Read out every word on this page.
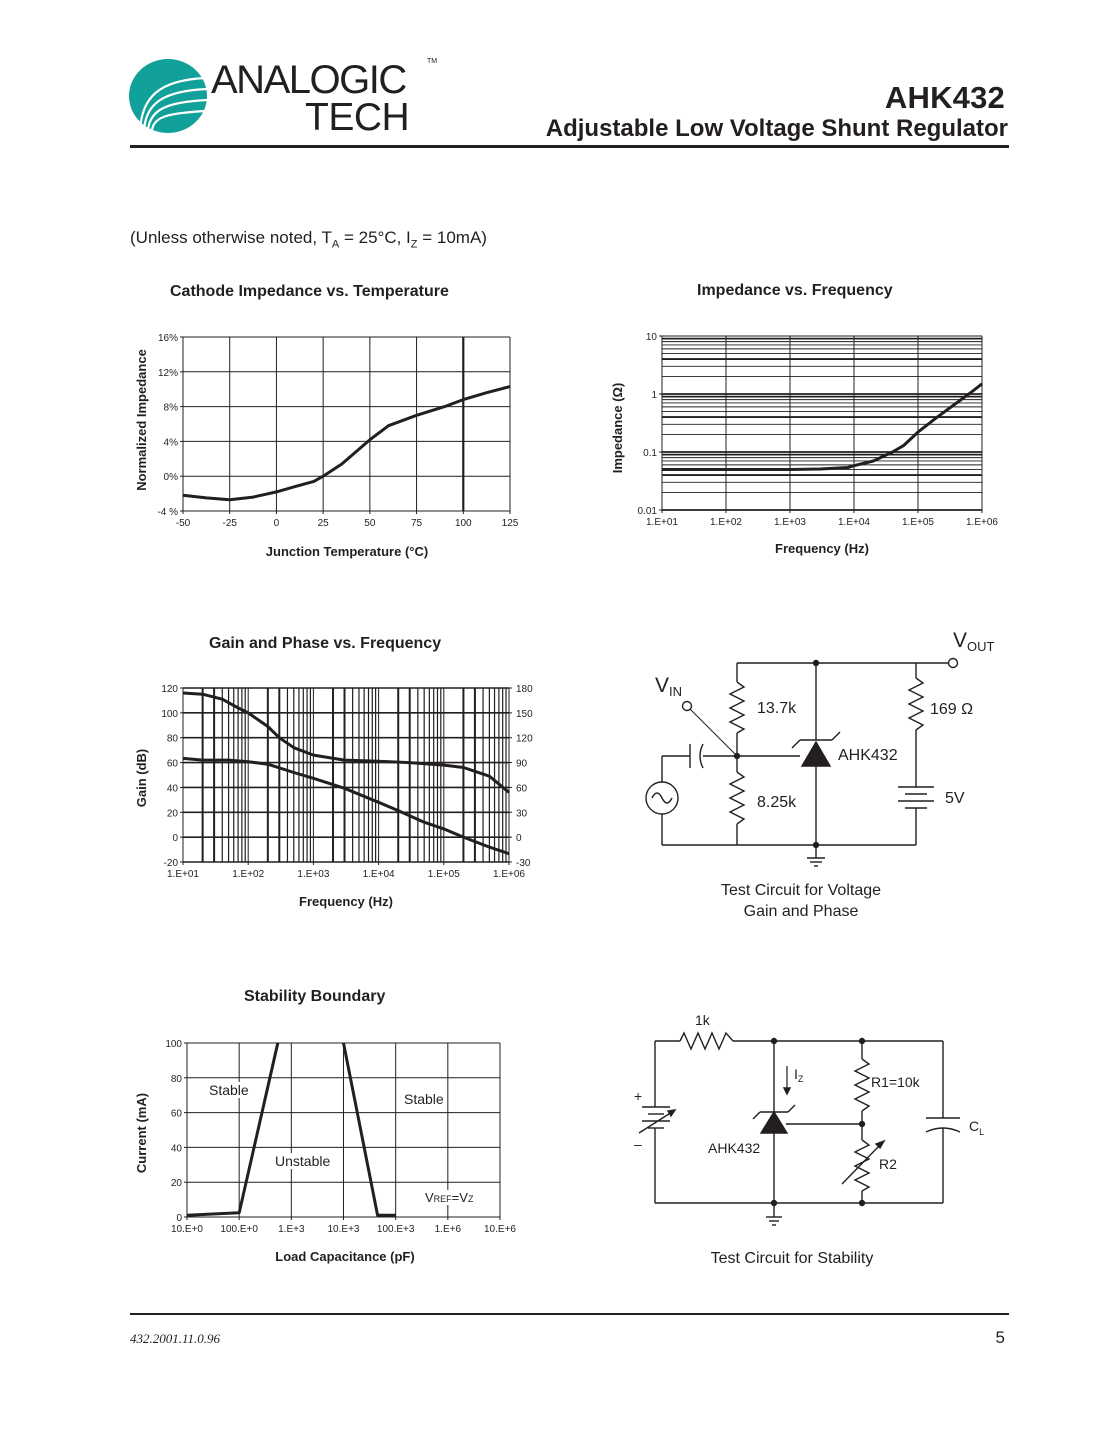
ANALOGIC	TM
TECH	AHK432
Adjustable Low Voltage Shunt Regulator
(Unless otherwise noted, $T_A = 25^\circ C$, $I_Z = 10mA$)
Cathode Impedance vs. Temperature
Normalized Impedance
Junction Temperature (°C)
-50	-25	0	25	50	75	100	125
16%
12%
8%
4%
0%
-4 %
Impedance vs. Frequency
Impedance (Ω)
Frequency (Hz)
1.E+01	1.E+02	1.E+03	1.E+04	1.E+05	1.E+06
10
1
0.1
0.01
Gain and Phase vs. Frequency
Gain (dB)
Frequency (Hz)
1.E+01	1.E+02	1.E+03	1.E+04	1.E+05	1.E+06
120
100
80
60
40
20
0
-20
180
150
120
90
60
30
0
-30
Stability Boundary
Current (mA)
Load Capacitance (pF)
10.E+0 100.E+0 1.E+3 10.E+3 100.E+3 1.E+6 10.E+6
100
80
60
40
20
0
Stable
Unstable
Stable
VREF=VZ
VOUT
VIN
13.7k
8.25k
169 Ω
AHK432
5V
Test Circuit for Voltage
Gain and Phase
1k
$I_Z$	R1=10k
R2
$C_L$
AHK432
+
–
Test Circuit for Stability
432.2001.11.0.96	5
